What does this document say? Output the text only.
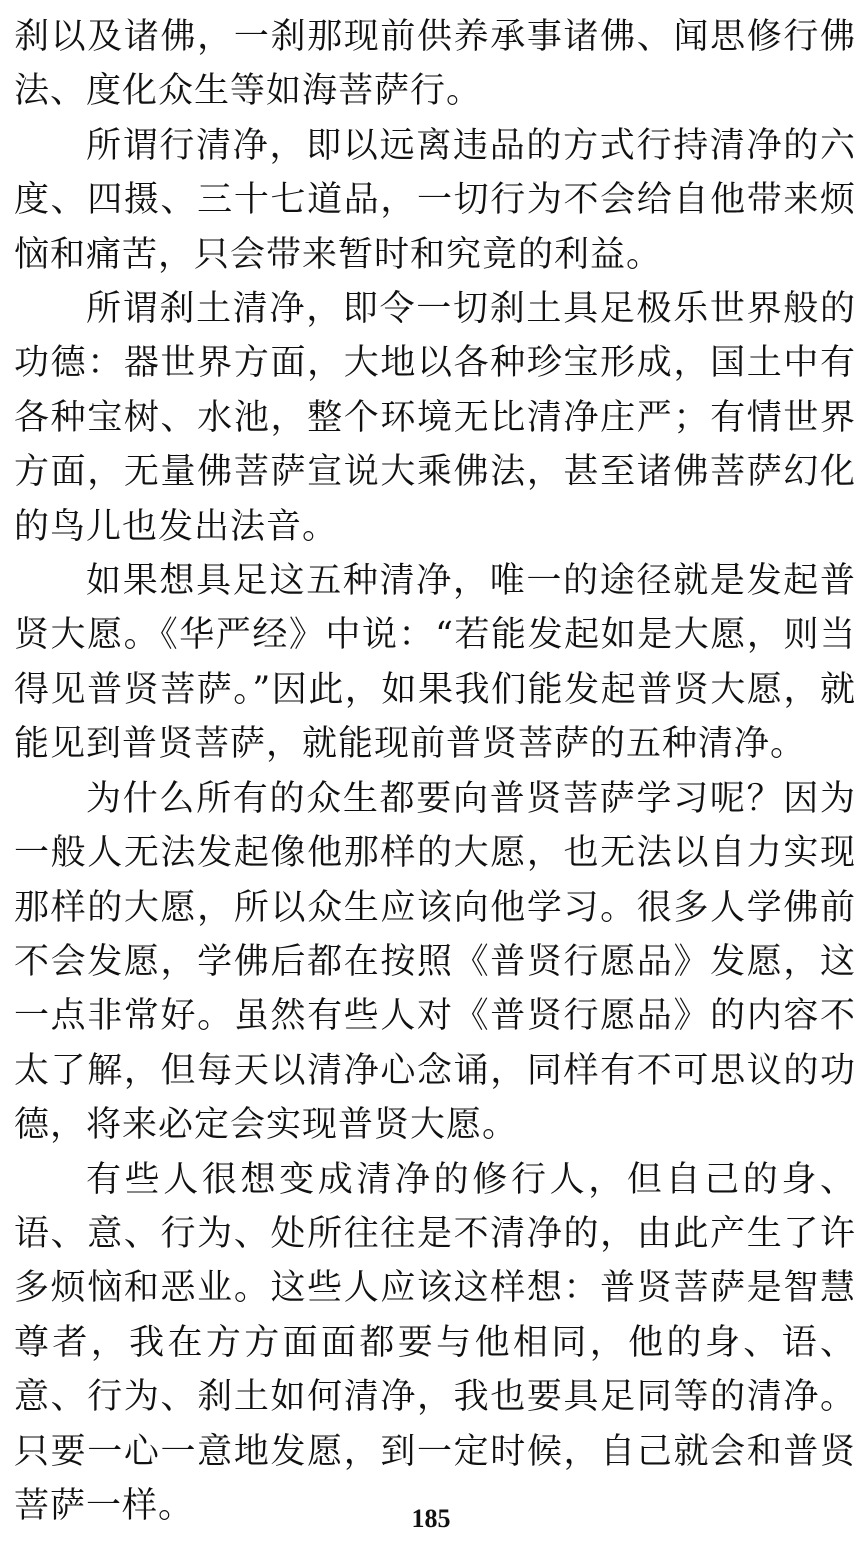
刹以及诸佛，一刹那现前供养承事诸佛、闻思修行佛法、度化众生等如海菩萨行。

所谓行清净，即以远离违品的方式行持清净的六度、四摄、三十七道品，一切行为不会给自他带来烦恼和痛苦，只会带来暂时和究竟的利益。

所谓刹土清净，即令一切刹土具足极乐世界般的功德：器世界方面，大地以各种珍宝形成，国土中有各种宝树、水池，整个环境无比清净庄严；有情世界方面，无量佛菩萨宣说大乘佛法，甚至诸佛菩萨幻化的鸟儿也发出法音。

如果想具足这五种清净，唯一的途径就是发起普贤大愿。《华严经》中说：“若能发起如是大愿，则当得见普贤菩萨。”因此，如果我们能发起普贤大愿，就能见到普贤菩萨，就能现前普贤菩萨的五种清净。

为什么所有的众生都要向普贤菩萨学习呢？因为一般人无法发起像他那样的大愿，也无法以自力实现那样的大愿，所以众生应该向他学习。很多人学佛前不会发愿，学佛后都在按照《普贤行愿品》发愿，这一点非常好。虽然有些人对《普贤行愿品》的内容不太了解，但每天以清净心念诵，同样有不可思议的功德，将来必定会实现普贤大愿。

有些人很想变成清净的修行人，但自己的身、语、意、行为、处所往往是不清净的，由此产生了许多烦恼和恶业。这些人应该这样想：普贤菩萨是智慧尊者，我在方方面面都要与他相同，他的身、语、意、行为、刹土如何清净，我也要具足同等的清净。只要一心一意地发愿，到一定时候，自己就会和普贤菩萨一样。	185
